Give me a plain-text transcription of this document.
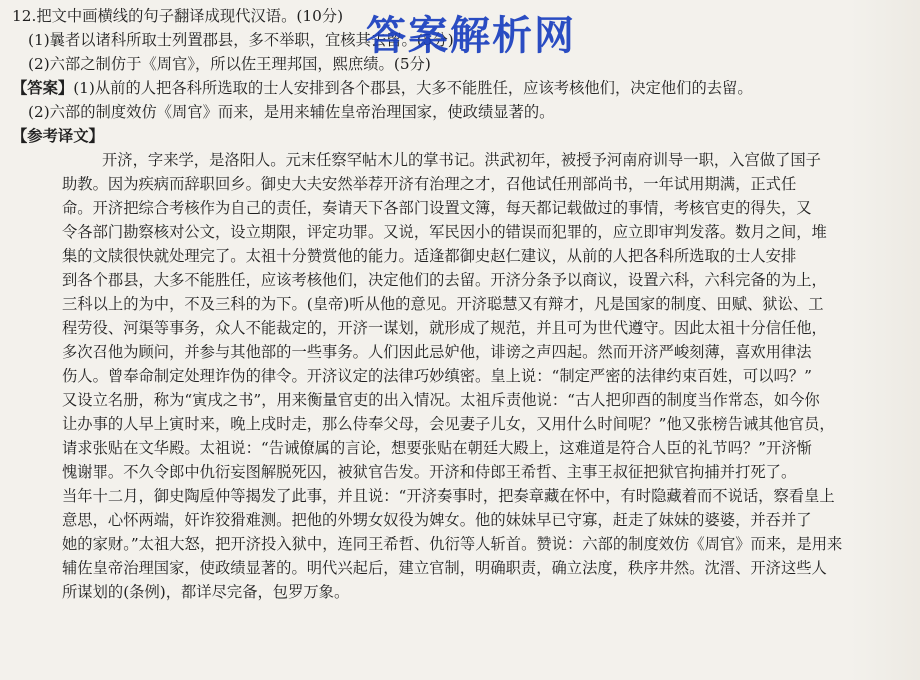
12.把文中画横线的句子翻译成现代汉语。(10分)
(1)曩者以诸科所取士列置郡县，多不举职，宜核其去留。(5分)
(2)六部之制仿于《周官》，所以佐王理邦国，熙庶绩。(5分)
【答案】(1)从前的人把各科所选取的士人安排到各个郡县，大多不能胜任，应该考核他们，决定他们的去留。
(2)六部的制度效仿《周官》而来，是用来辅佐皇帝治理国家，使政绩显著的。
【参考译文】
开济，字来学，是洛阳人。元末任察罕帖木儿的掌书记。洪武初年，被授予河南府训导一职，入宫做了国子
助教。因为疾病而辞职回乡。御史大夫安然举荐开济有治理之才，召他试任刑部尚书，一年试用期满，正式任
命。开济把综合考核作为自己的责任，奏请天下各部门设置文簿，每天都记载做过的事情，考核官吏的得失，又
令各部门勘察核对公文，设立期限，评定功罪。又说，军民因小的错误而犯罪的，应立即审判发落。数月之间，堆
集的文牍很快就处理完了。太祖十分赞赏他的能力。适逢都御史赵仁建议，从前的人把各科所选取的士人安排
到各个郡县，大多不能胜任，应该考核他们，决定他们的去留。开济分条予以商议，设置六科，六科完备的为上，
三科以上的为中，不及三科的为下。(皇帝)听从他的意见。开济聪慧又有辩才，凡是国家的制度、田赋、狱讼、工
程劳役、河渠等事务，众人不能裁定的，开济一谋划，就形成了规范，并且可为世代遵守。因此太祖十分信任他，
多次召他为顾问，并参与其他部的一些事务。人们因此忌妒他，诽谤之声四起。然而开济严峻刻薄，喜欢用律法
伤人。曾奉命制定处理诈伪的律令。开济议定的法律巧妙缜密。皇上说：“制定严密的法律约束百姓，可以吗？”
又设立名册，称为“寅戌之书”，用来衡量官吏的出入情况。太祖斥责他说：“古人把卯酉的制度当作常态，如今你
让办事的人早上寅时来，晚上戌时走，那么侍奉父母，会见妻子儿女，又用什么时间呢？”他又张榜告诫其他官员，
请求张贴在文华殿。太祖说：“告诫僚属的言论，想要张贴在朝廷大殿上，这难道是符合人臣的礼节吗？”开济惭
愧谢罪。不久令郎中仇衍妄图解脱死囚，被狱官告发。开济和侍郎王希哲、主事王叔征把狱官拘捕并打死了。
当年十二月，御史陶垕仲等揭发了此事，并且说：“开济奏事时，把奏章藏在怀中，有时隐藏着而不说话，察看皇上
意思，心怀两端，奸诈狡猾难测。把他的外甥女奴役为婢女。他的妹妹早已守寡，赶走了妹妹的婆婆，并吞并了
她的家财。”太祖大怒，把开济投入狱中，连同王希哲、仇衍等人斩首。赞说：六部的制度效仿《周官》而来，是用来
辅佐皇帝治理国家，使政绩显著的。明代兴起后，建立官制，明确职责，确立法度，秩序井然。沈溍、开济这些人
所谋划的(条例)，都详尽完备，包罗万象。
答案解析网
